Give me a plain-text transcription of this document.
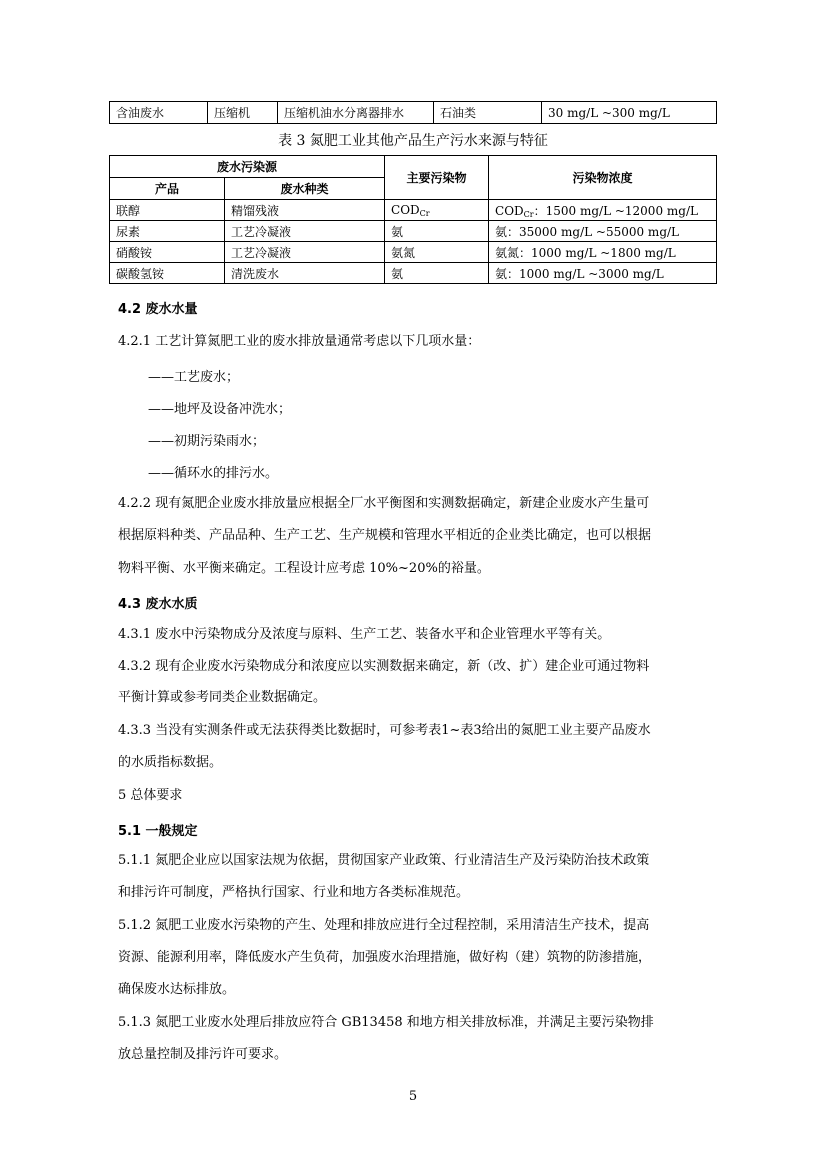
含油废水	压缩机	压缩机油水分离器排水	石油类	30 mg/L ~300 mg/L
表 3 氮肥工业其他产品生产污水来源与特征
废水污染源		主要污染物	污染物浓度
产品	废水种类		
联醇	精馏残液	$COD_{Cr}$	$COD_{Cr}$：1500 mg/L ~12000 mg/L
尿素	工艺冷凝液	氨	氨：35000 mg/L ~55000 mg/L
硝酸铵	工艺冷凝液	氨氮	氨氮：1000 mg/L ~1800 mg/L
碳酸氢铵	清洗废水	氨	氨：1000 mg/L ~3000 mg/L
4.2 废水水量
4.2.1 工艺计算氮肥工业的废水排放量通常考虑以下几项水量：
——工艺废水；
——地坪及设备冲洗水；
——初期污染雨水；
——循环水的排污水。
4.2.2 现有氮肥企业废水排放量应根据全厂水平衡图和实测数据确定，新建企业废水产生量可
根据原料种类、产品品种、生产工艺、生产规模和管理水平相近的企业类比确定，也可以根据
物料平衡、水平衡来确定。工程设计应考虑 10%~20%的裕量。
4.3 废水水质
4.3.1 废水中污染物成分及浓度与原料、生产工艺、装备水平和企业管理水平等有关。
4.3.2 现有企业废水污染物成分和浓度应以实测数据来确定，新（改、扩）建企业可通过物料
平衡计算或参考同类企业数据确定。
4.3.3 当没有实测条件或无法获得类比数据时，可参考表1~表3给出的氮肥工业主要产品废水
的水质指标数据。
5 总体要求
5.1 一般规定
5.1.1 氮肥企业应以国家法规为依据，贯彻国家产业政策、行业清洁生产及污染防治技术政策
和排污许可制度，严格执行国家、行业和地方各类标准规范。
5.1.2 氮肥工业废水污染物的产生、处理和排放应进行全过程控制，采用清洁生产技术，提高
资源、能源利用率，降低废水产生负荷，加强废水治理措施，做好构（建）筑物的防渗措施，
确保废水达标排放。
5.1.3 氮肥工业废水处理后排放应符合 GB13458 和地方相关排放标准，并满足主要污染物排
放总量控制及排污许可要求。
5
